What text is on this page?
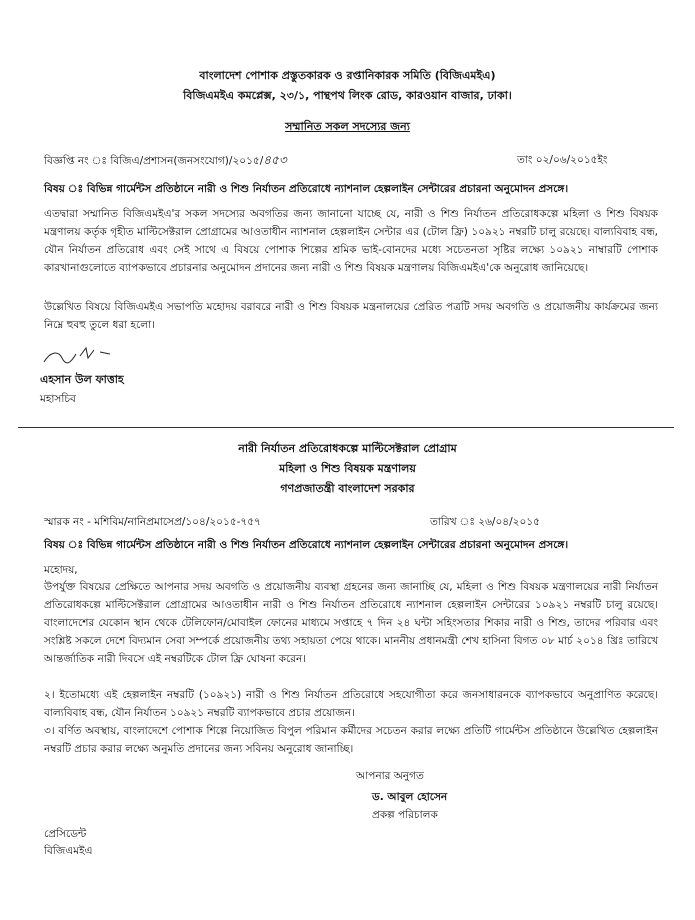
বাংলাদেশ পোশাক প্রস্তুতকারক ও রপ্তানিকারক সমিতি (বিজিএমইএ)
বিজিএমইএ কমপ্লেক্স, ২৩/১, পান্থপথ লিংক রোড, কারওয়ান বাজার, ঢাকা।
সম্মানিত সকল সদস্যের জন্য
বিজ্ঞপ্তি নং ঃ বিজিএ/প্রশাসন(জনসংযোগ)/২০১৫/৪৫৩	তাং ০২/০৬/২০১৫ইং
বিষয় ঃ বিভিন্ন গার্মেন্টস প্রতিষ্ঠানে নারী ও শিশু নির্যাতন প্রতিরোধে ন্যাশনাল হেল্পলাইন সেন্টারের প্রচারনা অনুমোদন প্রসঙ্গে।

এতদ্বারা সম্মানিত বিজিএমইএ'র সকল সদস্যের অবগতির জন্য জানানো যাচ্ছে যে, নারী ও শিশু নির্যাতন প্রতিরোধকল্পে মহিলা ও শিশু বিষয়ক মন্ত্রণালয় কর্তৃক গৃহীত মাল্টিসেক্টরাল প্রোগ্রামের আওতাধীন ন্যাশনাল হেল্পলাইন সেন্টার এর (টোল ফ্রি) ১০৯২১ নম্বরটি চালু রয়েছে। বাল্যবিবাহ বন্ধ, যৌন নির্যাতন প্রতিরোধ এবং সেই সাথে এ বিষয়ে পোশাক শিল্পের শ্রমিক ভাই-বোনদের মধ্যে সচেতনতা সৃষ্টির লক্ষ্যে ১০৯২১ নাম্বারটি পোশাক কারখানাগুলোতে ব্যাপকভাবে প্রচারনার অনুমোদন প্রদানের জন্য নারী ও শিশু বিষয়ক মন্ত্রণালয় বিজিএমইএ'কে অনুরোধ জানিয়েছে।

উল্লেখিত বিষয়ে বিজিএমইএ সভাপতি মহোদয় বরাবরে নারী ও শিশু বিষয়ক মন্ত্রনালয়ের প্রেরিত পত্রটি সদয় অবগতি ও প্রয়োজনীয় কার্যক্রমের জন্য নিম্নে হুবহু তুলে ধরা হলো।

এহসান উল ফাত্তাহ
মহাসচিব
নারী নির্যাতন প্রতিরোধকল্পে মাল্টিসেক্টরাল প্রোগ্রাম
মহিলা ও শিশু বিষয়ক মন্ত্রণালয়
গণপ্রজাতন্ত্রী বাংলাদেশ সরকার
স্মারক নং - মশিবিম/নানিপ্রমাসেপ্র/১০৪/২০১৫-৭৫৭	তারিখ ঃ ২৬/০৪/২০১৫
বিষয় ঃ বিভিন্ন গার্মেন্টস প্রতিষ্ঠানে নারী ও শিশু নির্যাতন প্রতিরোধে ন্যাশনাল হেল্পলাইন সেন্টারের প্রচারনা অনুমোদন প্রসঙ্গে।
মহোদয়,

উপর্যুক্ত বিষয়ের প্রেক্ষিতে আপনার সদয় অবগতি ও প্রয়োজনীয় ব্যবস্থা গ্রহনের জন্য জানাচ্ছি যে, মহিলা ও শিশু বিষয়ক মন্ত্রণালয়ের নারী নির্যাতন প্রতিরোধকল্পে মাল্টিসেক্টরাল প্রোগ্রামের আওতাধীন নারী ও শিশু নির্যাতন প্রতিরোধে ন্যাশনাল হেল্পলাইন সেন্টারের ১০৯২১ নম্বরটি চালু রয়েছে। বাংলাদেশের যেকোন স্থান থেকে টেলিফোন/মোবাইল ফোনের মাধ্যমে সপ্তাহে ৭ দিন ২৪ ঘন্টা সহিংসতার শিকার নারী ও শিশু, তাদের পরিবার এবং সংশ্লিষ্ট সকলে দেশে বিদ্যমান সেবা সম্পর্কে প্রয়োজনীয় তথ্য সহায়তা পেয়ে থাকে। মাননীয় প্রধানমন্ত্রী শেখ হাসিনা বিগত ০৮ মার্চ ২০১৪ খ্রিঃ তারিখে আন্তর্জাতিক নারী দিবসে এই নম্বরটিকে টোল ফ্রি ঘোষনা করেন।

২। ইতোমধ্যে এই হেল্পলাইন নম্বরটি (১০৯২১) নারী ও শিশু নির্যাতন প্রতিরোধে সহযোগীতা করে জনসাধারনকে ব্যাপকভাবে অনুপ্রাণিত করেছে। বাল্যবিবাহ বন্ধ, যৌন নির্যাতন ১০৯২১ নম্বরটি ব্যাপকভাবে প্রচার প্রয়োজন।

৩। বর্ণিত অবস্থায়, বাংলাদেশে পোশাক শিল্পে নিয়োজিত বিপুল পরিমান কর্মীদের সচেতন করার লক্ষ্যে প্রতিটি গার্মেন্টস প্রতিষ্ঠানে উল্লেখিত হেল্পলাইন নম্বরটি প্রচার করার লক্ষ্যে অনুমতি প্রদানের জন্য সবিনয় অনুরোধ জানাচ্ছি।

আপনার অনুগত
ড. আবুল হোসেন
প্রকল্প পরিচালক
প্রেসিডেন্ট
বিজিএমইএ
